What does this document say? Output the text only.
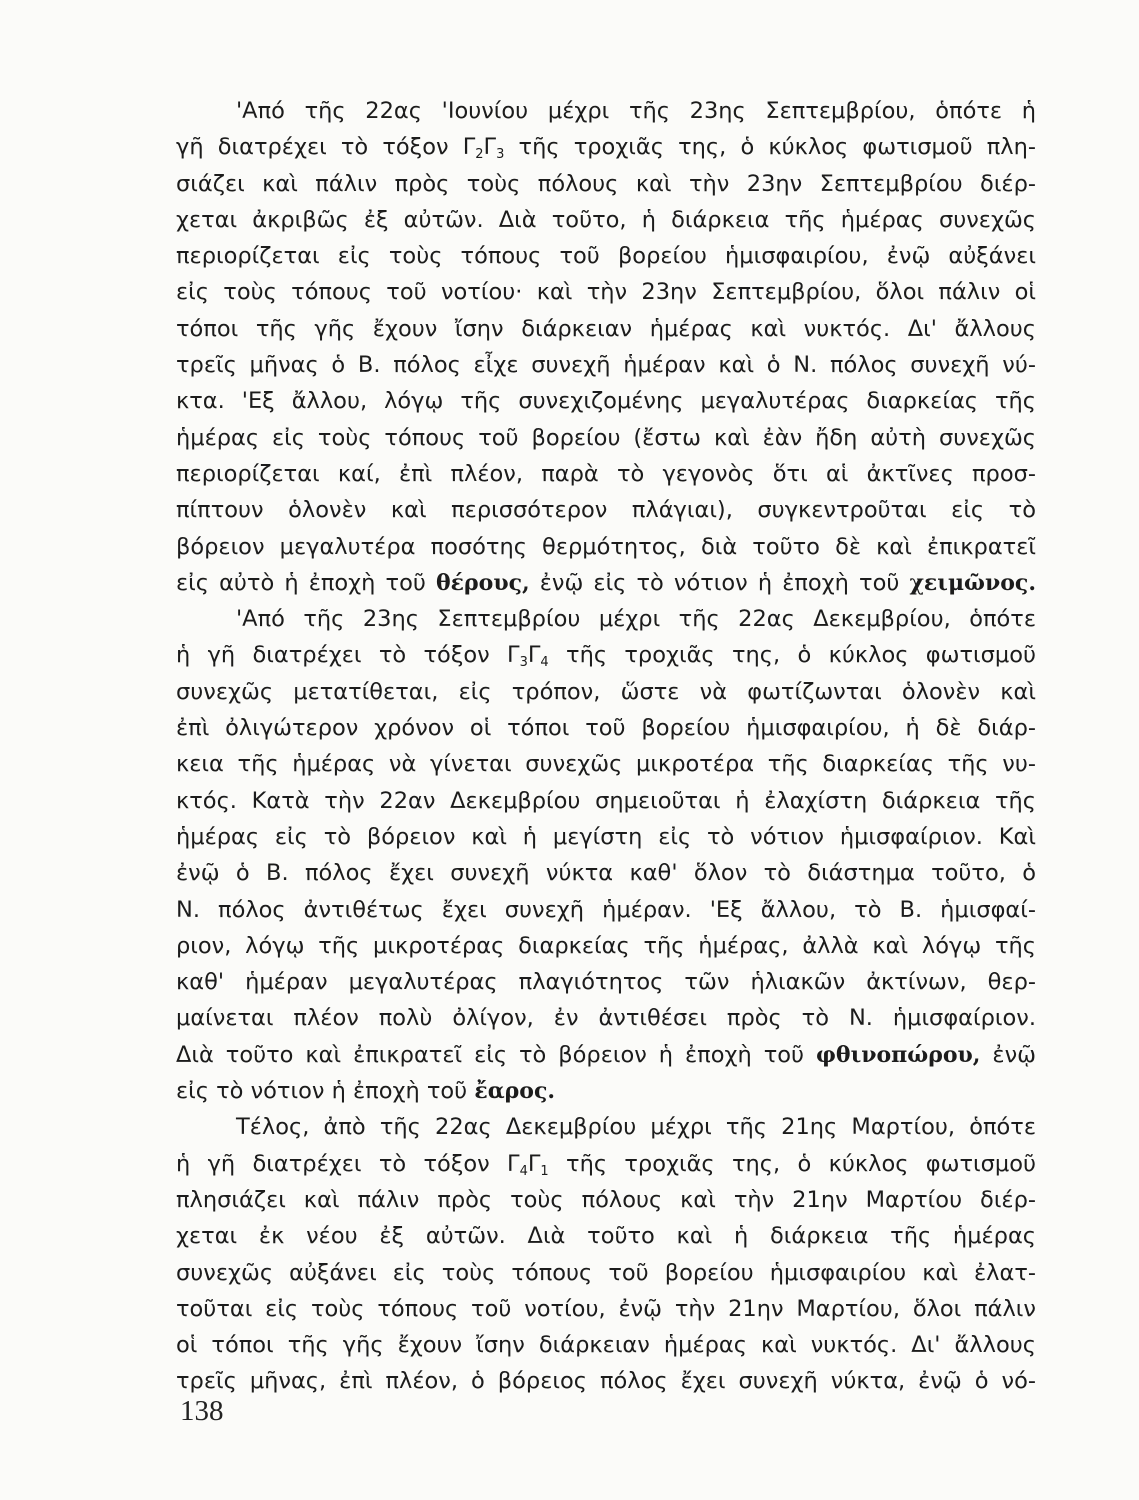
'Από τῆς 22ας 'Ιουνίου μέχρι τῆς 23ης Σεπτεμβρίου, ὁπότε ἡ
γῆ διατρέχει τὸ τόξον $\Gamma_2\Gamma_3$ τῆς τροχιᾶς της, ὁ κύκλος φωτισμοῦ πλη-
σιάζει καὶ πάλιν πρὸς τοὺς πόλους καὶ τὴν 23ην Σεπτεμβρίου διέρ-
χεται ἀκριβῶς ἐξ αὐτῶν. Διὰ τοῦτο, ἡ διάρκεια τῆς ἡμέρας συνεχῶς
περιορίζεται εἰς τοὺς τόπους τοῦ βορείου ἡμισφαιρίου, ἐνῷ αὐξάνει
εἰς τοὺς τόπους τοῦ νοτίου· καὶ τὴν 23ην Σεπτεμβρίου, ὅλοι πάλιν οἱ
τόποι τῆς γῆς ἔχουν ἴσην διάρκειαν ἡμέρας καὶ νυκτός. Δι' ἄλλους
τρεῖς μῆνας ὁ Β. πόλος εἶχε συνεχῆ ἡμέραν καὶ ὁ Ν. πόλος συνεχῆ νύ-
κτα. 'Εξ ἄλλου, λόγῳ τῆς συνεχιζομένης μεγαλυτέρας διαρκείας τῆς
ἡμέρας εἰς τοὺς τόπους τοῦ βορείου (ἔστω καὶ ἐὰν ἤδη αὐτὴ συνεχῶς
περιορίζεται καί, ἐπὶ πλέον, παρὰ τὸ γεγονὸς ὅτι αἱ ἀκτῖνες προσ-
πίπτουν ὁλονὲν καὶ περισσότερον πλάγιαι), συγκεντροῦται εἰς τὸ
βόρειον μεγαλυτέρα ποσότης θερμότητος, διὰ τοῦτο δὲ καὶ ἐπικρατεῖ
εἰς αὐτὸ ἡ ἐποχὴ τοῦ θέρους, ἐνῷ εἰς τὸ νότιον ἡ ἐποχὴ τοῦ χειμῶνος.
'Από τῆς 23ης Σεπτεμβρίου μέχρι τῆς 22ας Δεκεμβρίου, ὁπότε
ἡ γῆ διατρέχει τὸ τόξον $\Gamma_3\Gamma_4$ τῆς τροχιᾶς της, ὁ κύκλος φωτισμοῦ
συνεχῶς μετατίθεται, εἰς τρόπον, ὥστε νὰ φωτίζωνται ὁλονὲν καὶ
ἐπὶ ὀλιγώτερον χρόνον οἱ τόποι τοῦ βορείου ἡμισφαιρίου, ἡ δὲ διάρ-
κεια τῆς ἡμέρας νὰ γίνεται συνεχῶς μικροτέρα τῆς διαρκείας τῆς νυ-
κτός. Κατὰ τὴν 22αν Δεκεμβρίου σημειοῦται ἡ ἐλαχίστη διάρκεια τῆς
ἡμέρας εἰς τὸ βόρειον καὶ ἡ μεγίστη εἰς τὸ νότιον ἡμισφαίριον. Καὶ
ἐνῷ ὁ Β. πόλος ἔχει συνεχῆ νύκτα καθ' ὅλον τὸ διάστημα τοῦτο, ὁ
Ν. πόλος ἀντιθέτως ἔχει συνεχῆ ἡμέραν. 'Εξ ἄλλου, τὸ Β. ἡμισφαί-
ριον, λόγῳ τῆς μικροτέρας διαρκείας τῆς ἡμέρας, ἀλλὰ καὶ λόγῳ τῆς
καθ' ἡμέραν μεγαλυτέρας πλαγιότητος τῶν ἡλιακῶν ἀκτίνων, θερ-
μαίνεται πλέον πολὺ ὀλίγον, ἐν ἀντιθέσει πρὸς τὸ Ν. ἡμισφαίριον.
Διὰ τοῦτο καὶ ἐπικρατεῖ εἰς τὸ βόρειον ἡ ἐποχὴ τοῦ φθινοπώρου, ἐνῷ
εἰς τὸ νότιον ἡ ἐποχὴ τοῦ ἔαρος.
Τέλος, ἀπὸ τῆς 22ας Δεκεμβρίου μέχρι τῆς 21ης Μαρτίου, ὁπότε
ἡ γῆ διατρέχει τὸ τόξον $\Gamma_4\Gamma_1$ τῆς τροχιᾶς της, ὁ κύκλος φωτισμοῦ
πλησιάζει καὶ πάλιν πρὸς τοὺς πόλους καὶ τὴν 21ην Μαρτίου διέρ-
χεται ἐκ νέου ἐξ αὐτῶν. Διὰ τοῦτο καὶ ἡ διάρκεια τῆς ἡμέρας
συνεχῶς αὐξάνει εἰς τοὺς τόπους τοῦ βορείου ἡμισφαιρίου καὶ ἐλατ-
τοῦται εἰς τοὺς τόπους τοῦ νοτίου, ἐνῷ τὴν 21ην Μαρτίου, ὅλοι πάλιν
οἱ τόποι τῆς γῆς ἔχουν ἴσην διάρκειαν ἡμέρας καὶ νυκτός. Δι' ἄλλους
τρεῖς μῆνας, ἐπὶ πλέον, ὁ βόρειος πόλος ἔχει συνεχῆ νύκτα, ἐνῷ ὁ νό-
138
